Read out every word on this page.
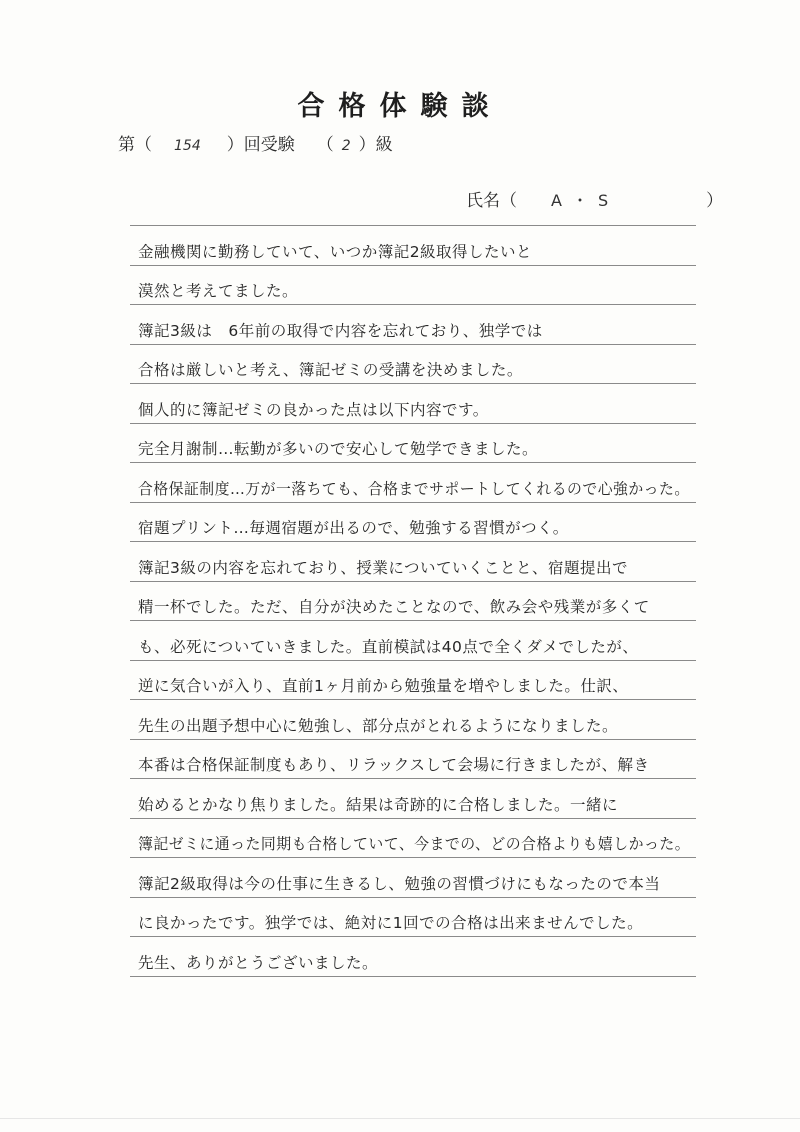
合格体験談
第（ 154 ）回受験 （ 2 ）級
氏名（ A・S	）
金融機関に勤務していて、いつか簿記2級取得したいと
漠然と考えてました。
簿記3級は　6年前の取得で内容を忘れており、独学では
合格は厳しいと考え、簿記ゼミの受講を決めました。
個人的に簿記ゼミの良かった点は以下内容です。
完全月謝制…転勤が多いので安心して勉学できました。
合格保証制度…万が一落ちても、合格までサポートしてくれるので心強かった。
宿題プリント…毎週宿題が出るので、勉強する習慣がつく。
簿記3級の内容を忘れており、授業についていくことと、宿題提出で
精一杯でした。ただ、自分が決めたことなので、飲み会や残業が多くて
も、必死についていきました。直前模試は40点で全くダメでしたが、
逆に気合いが入り、直前1ヶ月前から勉強量を増やしました。仕訳、
先生の出題予想中心に勉強し、部分点がとれるようになりました。
本番は合格保証制度もあり、リラックスして会場に行きましたが、解き
始めるとかなり焦りました。結果は奇跡的に合格しました。一緒に
簿記ゼミに通った同期も合格していて、今までの、どの合格よりも嬉しかった。
簿記2級取得は今の仕事に生きるし、勉強の習慣づけにもなったので本当
に良かったです。独学では、絶対に1回での合格は出来ませんでした。
先生、ありがとうございました。
